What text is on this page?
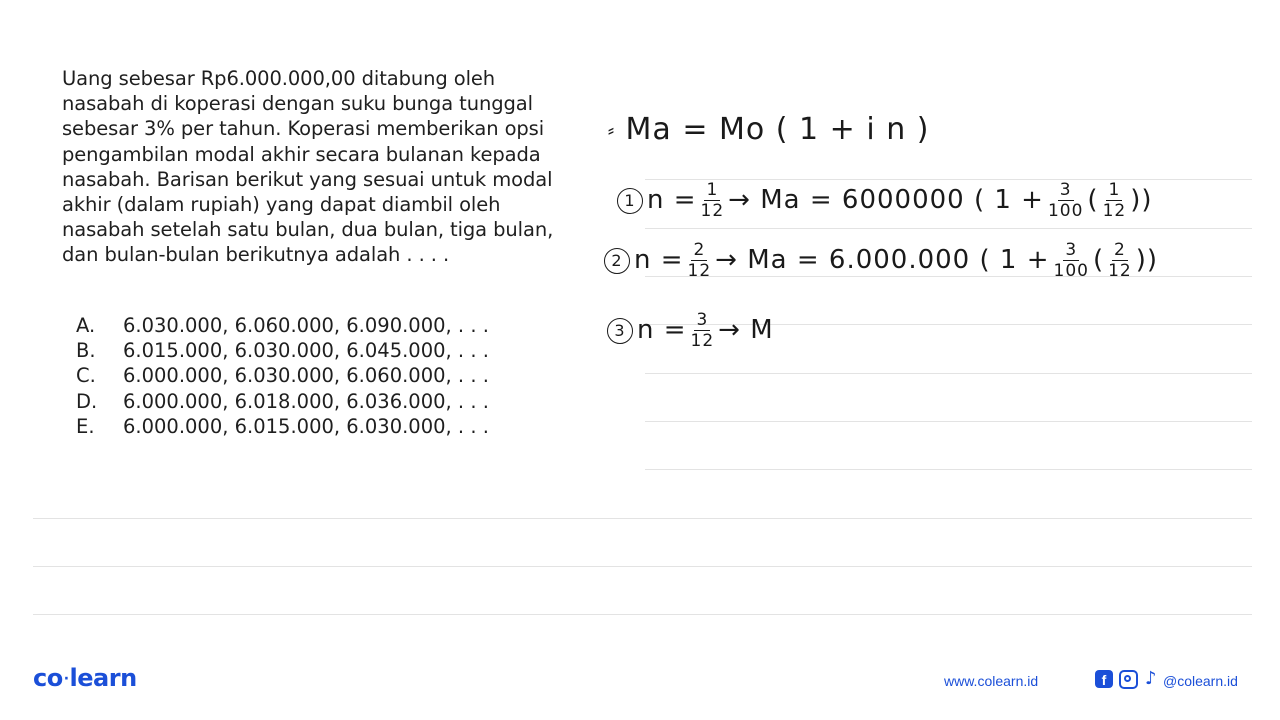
Uang sebesar Rp6.000.000,00 ditabung oleh

nasabah di koperasi dengan suku bunga tunggal

sebesar 3% per tahun. Koperasi memberikan opsi

pengambilan modal akhir secara bulanan kepada

nasabah. Barisan berikut yang sesuai untuk modal

akhir (dalam rupiah) yang dapat diambil oleh

nasabah setelah satu bulan, dua bulan, tiga bulan,

dan bulan-bulan berikutnya adalah . . . .

A.	6.030.000, 6.060.000, 6.090.000, . . .
B.	6.015.000, 6.030.000, 6.045.000, . . .
C.	6.000.000, 6.030.000, 6.060.000, . . .
D.	6.000.000, 6.018.000, 6.036.000, . . .
E.	6.000.000, 6.015.000, 6.030.000, . . .
⸗ Ma = Mo ( 1 + i n )
1 $n = \frac{1}{12} \to Ma = 6000000$ ( $1 + \frac{3}{100}$ ( $\frac{1}{12}$ ))
2 $n = \frac{2}{12} \to Ma = 6.000.000$ ( $1 + \frac{3}{100}$ ( $\frac{2}{12}$ ))
3 $n = \frac{3}{12} \to M$
co·learn	www.colearn.id	f	♪ @colearn.id
